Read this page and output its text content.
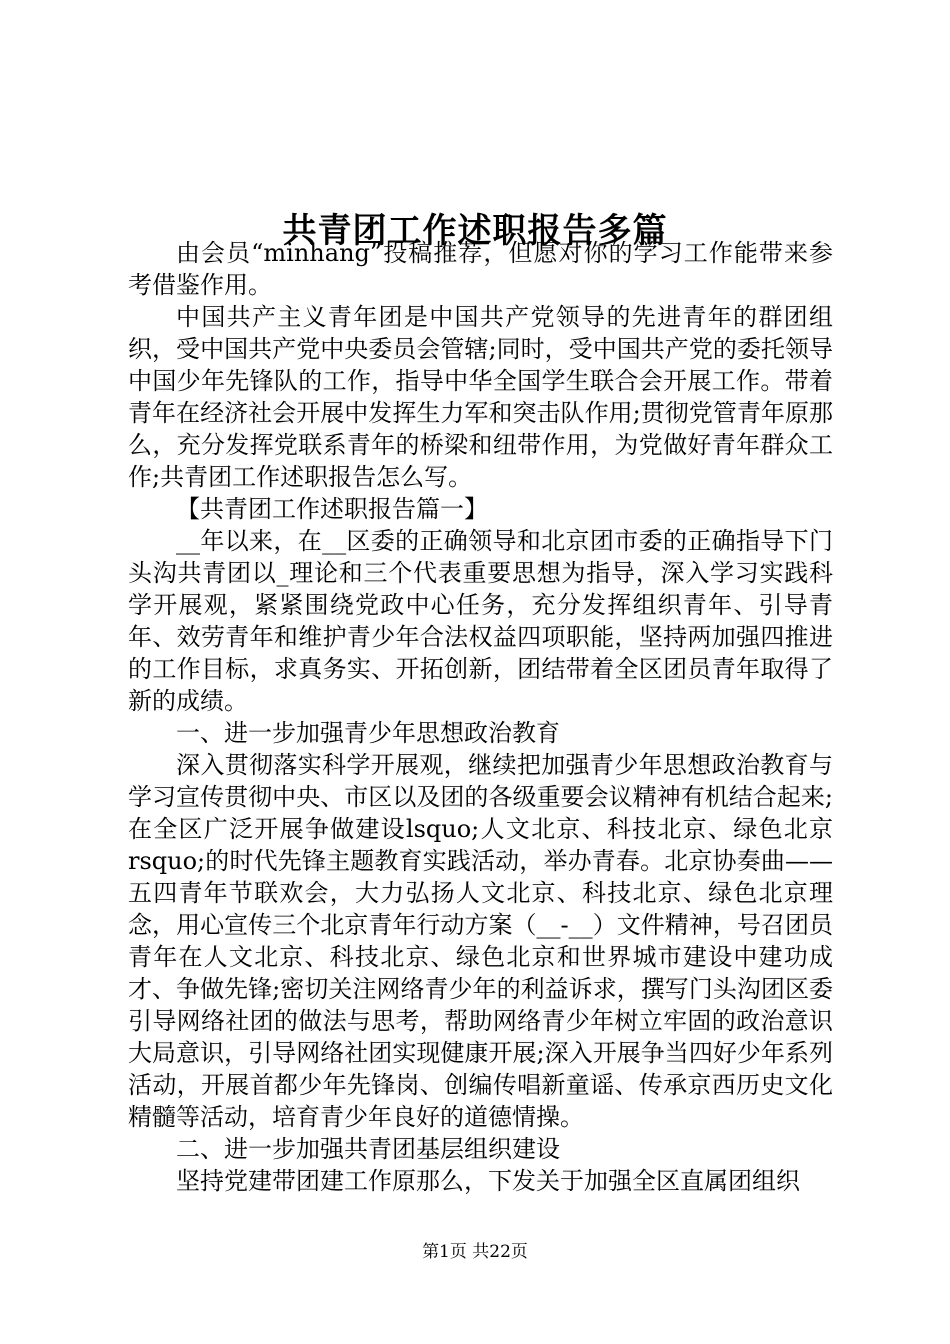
共青团工作述职报告多篇

由会员“minhang”投稿推荐，但愿对你的学习工作能带来参考借鉴作用。

中国共产主义青年团是中国共产党领导的先进青年的群团组织，受中国共产党中央委员会管辖;同时，受中国共产党的委托领导中国少年先锋队的工作，指导中华全国学生联合会开展工作。带着青年在经济社会开展中发挥生力军和突击队作用;贯彻党管青年原那么，充分发挥党联系青年的桥梁和纽带作用，为党做好青年群众工作;共青团工作述职报告怎么写。

【共青团工作述职报告篇一】

__年以来，在__区委的正确领导和北京团市委的正确指导下门头沟共青团以_理论和三个代表重要思想为指导，深入学习实践科学开展观，紧紧围绕党政中心任务，充分发挥组织青年、引导青年、效劳青年和维护青少年合法权益四项职能，坚持两加强四推进的工作目标，求真务实、开拓创新，团结带着全区团员青年取得了新的成绩。

一、进一步加强青少年思想政治教育

深入贯彻落实科学开展观，继续把加强青少年思想政治教育与学习宣传贯彻中央、市区以及团的各级重要会议精神有机结合起来;在全区广泛开展争做建设lsquo;人文北京、科技北京、绿色北京rsquo;的时代先锋主题教育实践活动，举办青春。北京协奏曲——五四青年节联欢会，大力弘扬人文北京、科技北京、绿色北京理念，用心宣传三个北京青年行动方案（__-__）文件精神，号召团员青年在人文北京、科技北京、绿色北京和世界城市建设中建功成才、争做先锋;密切关注网络青少年的利益诉求，撰写门头沟团区委引导网络社团的做法与思考，帮助网络青少年树立牢固的政治意识大局意识，引导网络社团实现健康开展;深入开展争当四好少年系列活动，开展首都少年先锋岗、创编传唱新童谣、传承京西历史文化精髓等活动，培育青少年良好的道德情操。

二、进一步加强共青团基层组织建设

坚持党建带团建工作原那么，下发关于加强全区直属团组织

第1页 共22页
